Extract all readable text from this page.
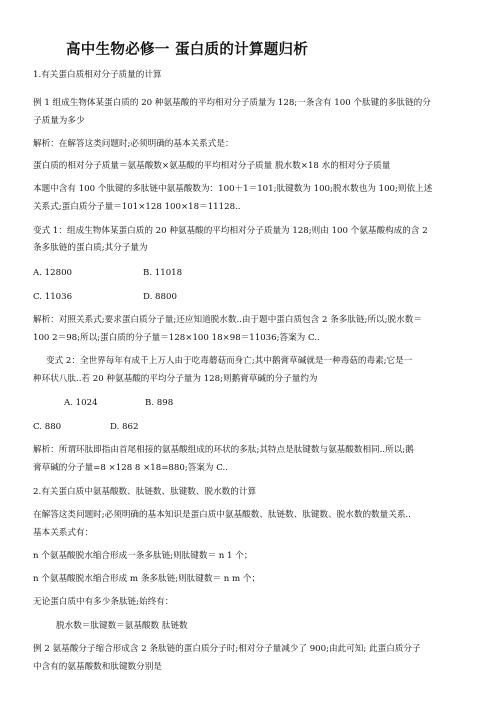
高中生物必修一 蛋白质的计算题归析
1.有关蛋白质相对分子质量的计算
例 1 组成生物体某蛋白质的 20 种氨基酸的平均相对分子质量为 128;一条含有 100 个肽键的多肽链的分
子质量为多少
解析：在解答这类问题时;必须明确的基本关系式是：
蛋白质的相对分子质量＝氨基酸数×氨基酸的平均相对分子质量 脱水数×18 水的相对分子质量
本题中含有 100 个肽键的多肽链中氨基酸数为：100＋1＝101;肽键数为 100;脱水数也为 100;则依上述
关系式;蛋白质分子量＝101×128 100×18＝11128..
变式 1：组成生物体某蛋白质的 20 种氨基酸的平均相对分子质量为 128;则由 100 个氨基酸构成的含 2
条多肽链的蛋白质;其分子量为
A. 12800	B. 11018
C. 11036	D. 8800
解析：对照关系式;要求蛋白质分子量;还应知道脱水数..由于题中蛋白质包含 2 条多肽链;所以;脱水数＝
100 2＝98;所以;蛋白质的分子量＝128×100 18×98＝11036;答案为 C..
变式 2：全世界每年有成千上万人由于吃毒蘑菇而身亡;其中鹅膏草碱就是一种毒菇的毒素;它是一
种环状八肽..若 20 种氨基酸的平均分子量为 128;则鹅膏草碱的分子量约为
A. 1024	B. 898
C. 880	D. 862
解析：所谓环肽即指由首尾相接的氨基酸组成的环状的多肽;其特点是肽键数与氨基酸数相同..所以;鹅
膏草碱的分子量=8 ×128 8 ×18=880;答案为 C..
2.有关蛋白质中氨基酸数、肽链数、肽键数、脱水数的计算
在解答这类问题时;必须明确的基本知识是蛋白质中氨基酸数、肽链数、肽键数、脱水数的数量关系..
基本关系式有：
n 个氨基酸脱水缩合形成一条多肽链;则肽键数＝ n 1 个；
n 个氨基酸脱水缩合形成 m 条多肽链;则肽键数＝ n m 个；
无论蛋白质中有多少条肽链;始终有：
脱水数＝肽键数＝氨基酸数 肽链数
例 2 氨基酸分子缩合形成含 2 条肽链的蛋白质分子时;相对分子量减少了 900;由此可知; 此蛋白质分子
中含有的氨基酸数和肽键数分别是
